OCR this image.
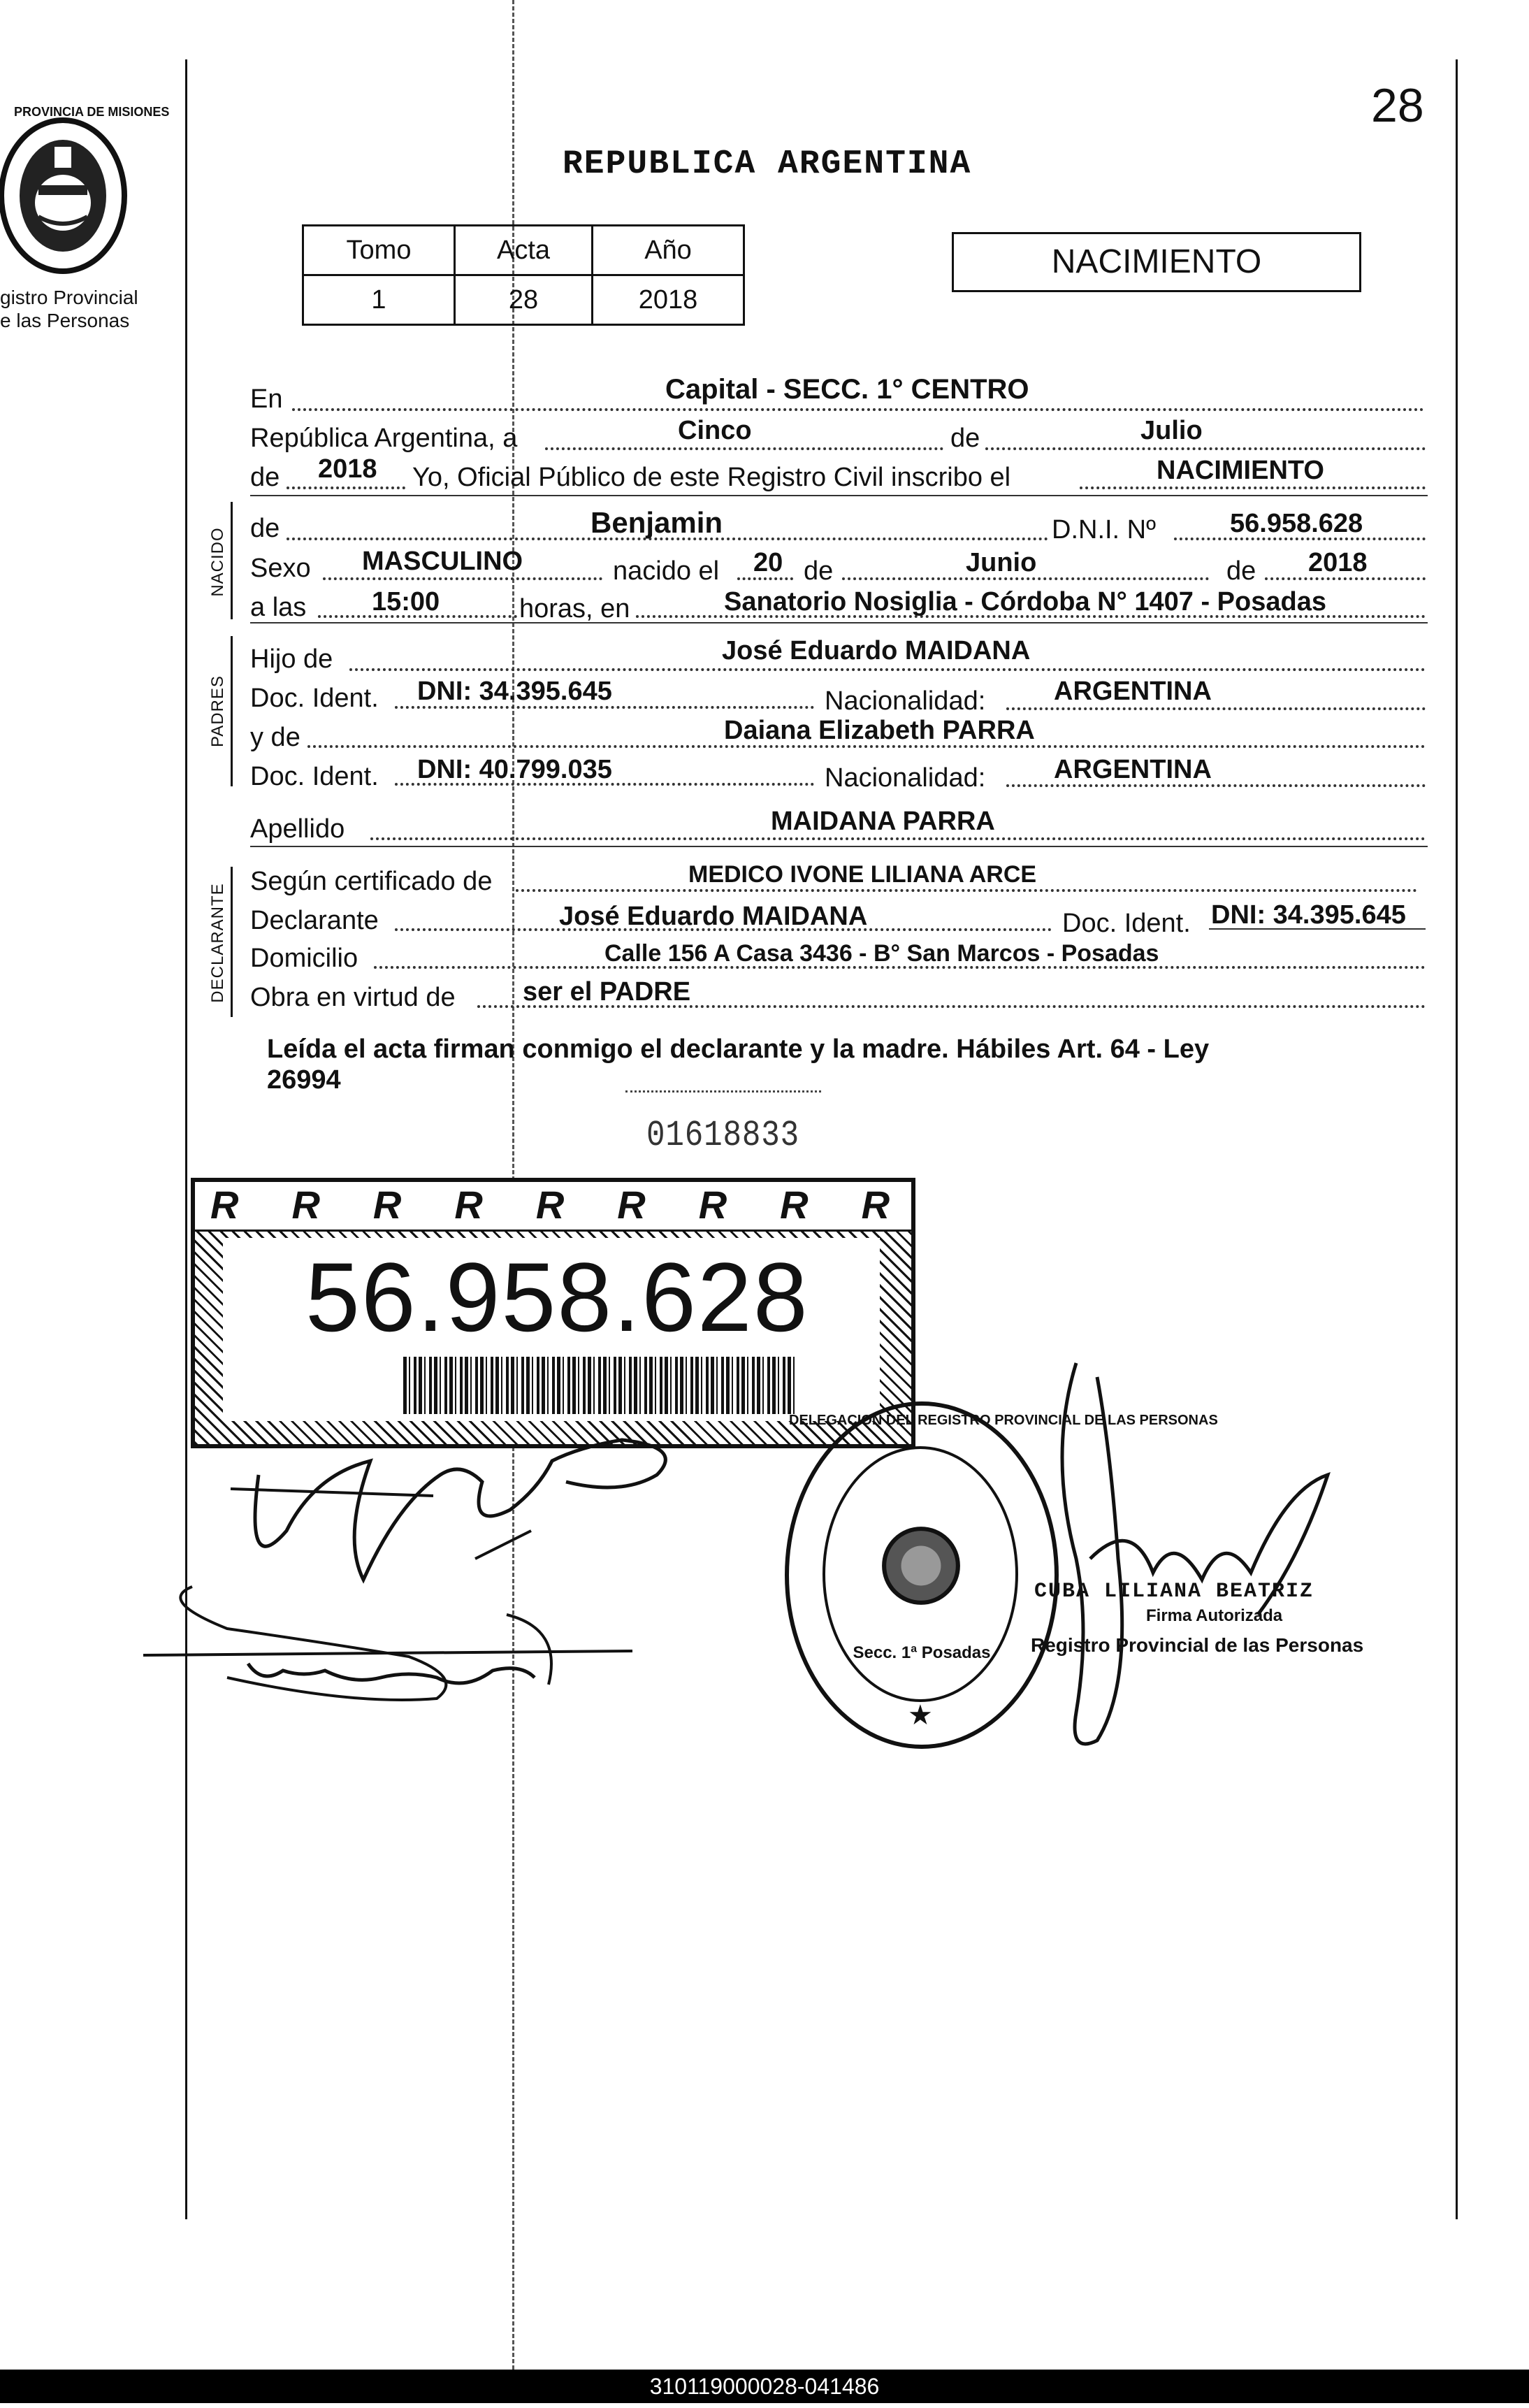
PROVINCIA DE MISIONES
gistro Provincial
e las Personas
28
REPUBLICA ARGENTINA
NACIMIENTO
Tomo	Acta	Año
1	28	2018
En	Capital - SECC. 1° CENTRO
República Argentina, a	Cinco	de	Julio
de 2018 Yo, Oficial Público de este Registro Civil inscribo el	NACIMIENTO
NACIDO de	Benjamin	D.N.I. Nº	56.958.628
Sexo MASCULINO	nacido el 20 de	Junio	de 2018
a las 15:00	horas, en	Sanatorio Nosiglia - Córdoba N° 1407 - Posadas
PADRES
Hijo de	José Eduardo MAIDANA
Doc. Ident. DNI: 34.395.645	Nacionalidad:	ARGENTINA
y de	Daiana Elizabeth PARRA
Doc. Ident. DNI: 40.799.035	Nacionalidad:	ARGENTINA
Apellido	MAIDANA PARRA
DECLARANTE
Según certificado de	MEDICO IVONE LILIANA ARCE
Declarante	José Eduardo MAIDANA	Doc. Ident. DNI: 34.395.645
Domicilio	Calle 156 A Casa 3436 - B° San Marcos - Posadas
Obra en virtud de	ser el PADRE
Leída el acta firman conmigo el declarante y la madre. Hábiles Art. 64 - Ley
26994
01618833
R R R R R R R R R
56.958.628
DELEGACION DEL REGISTRO PROVINCIAL DE LAS PERSONAS
Secc. 1ª Posadas
★
CUBA LILIANA BEATRIZ
Firma Autorizada
Registro Provincial de las Personas
310119000028-041486
